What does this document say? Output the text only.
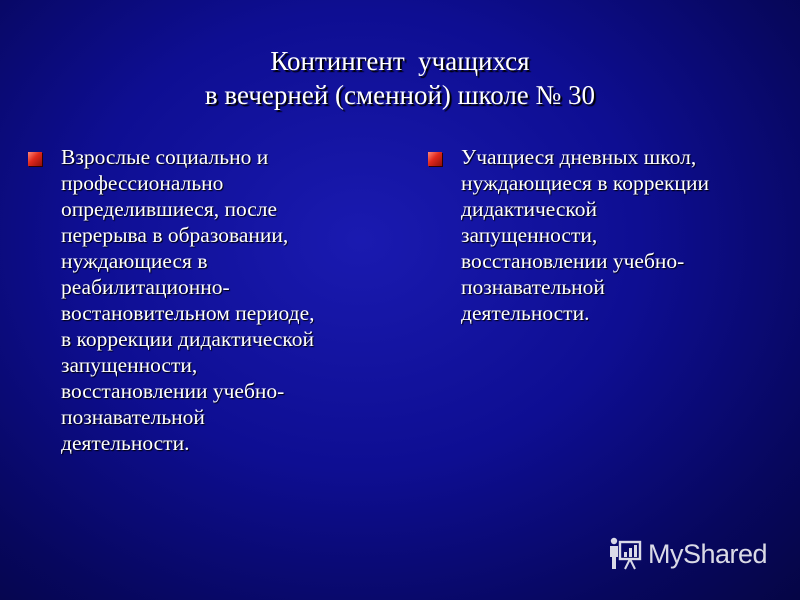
Контингент  учащихся
в вечерней (сменной) школе № 30
Взрослые социально и
профессионально
определившиеся, после
перерыва в образовании,
нуждающиеся в
реабилитационно-
востановительном периоде,
в коррекции дидактической
запущенности,
восстановлении учебно-
познавательной
деятельности.
Учащиеся дневных школ,
нуждающиеся в коррекции
дидактической
запущенности,
восстановлении учебно-
познавательной
деятельности.
MyShared
